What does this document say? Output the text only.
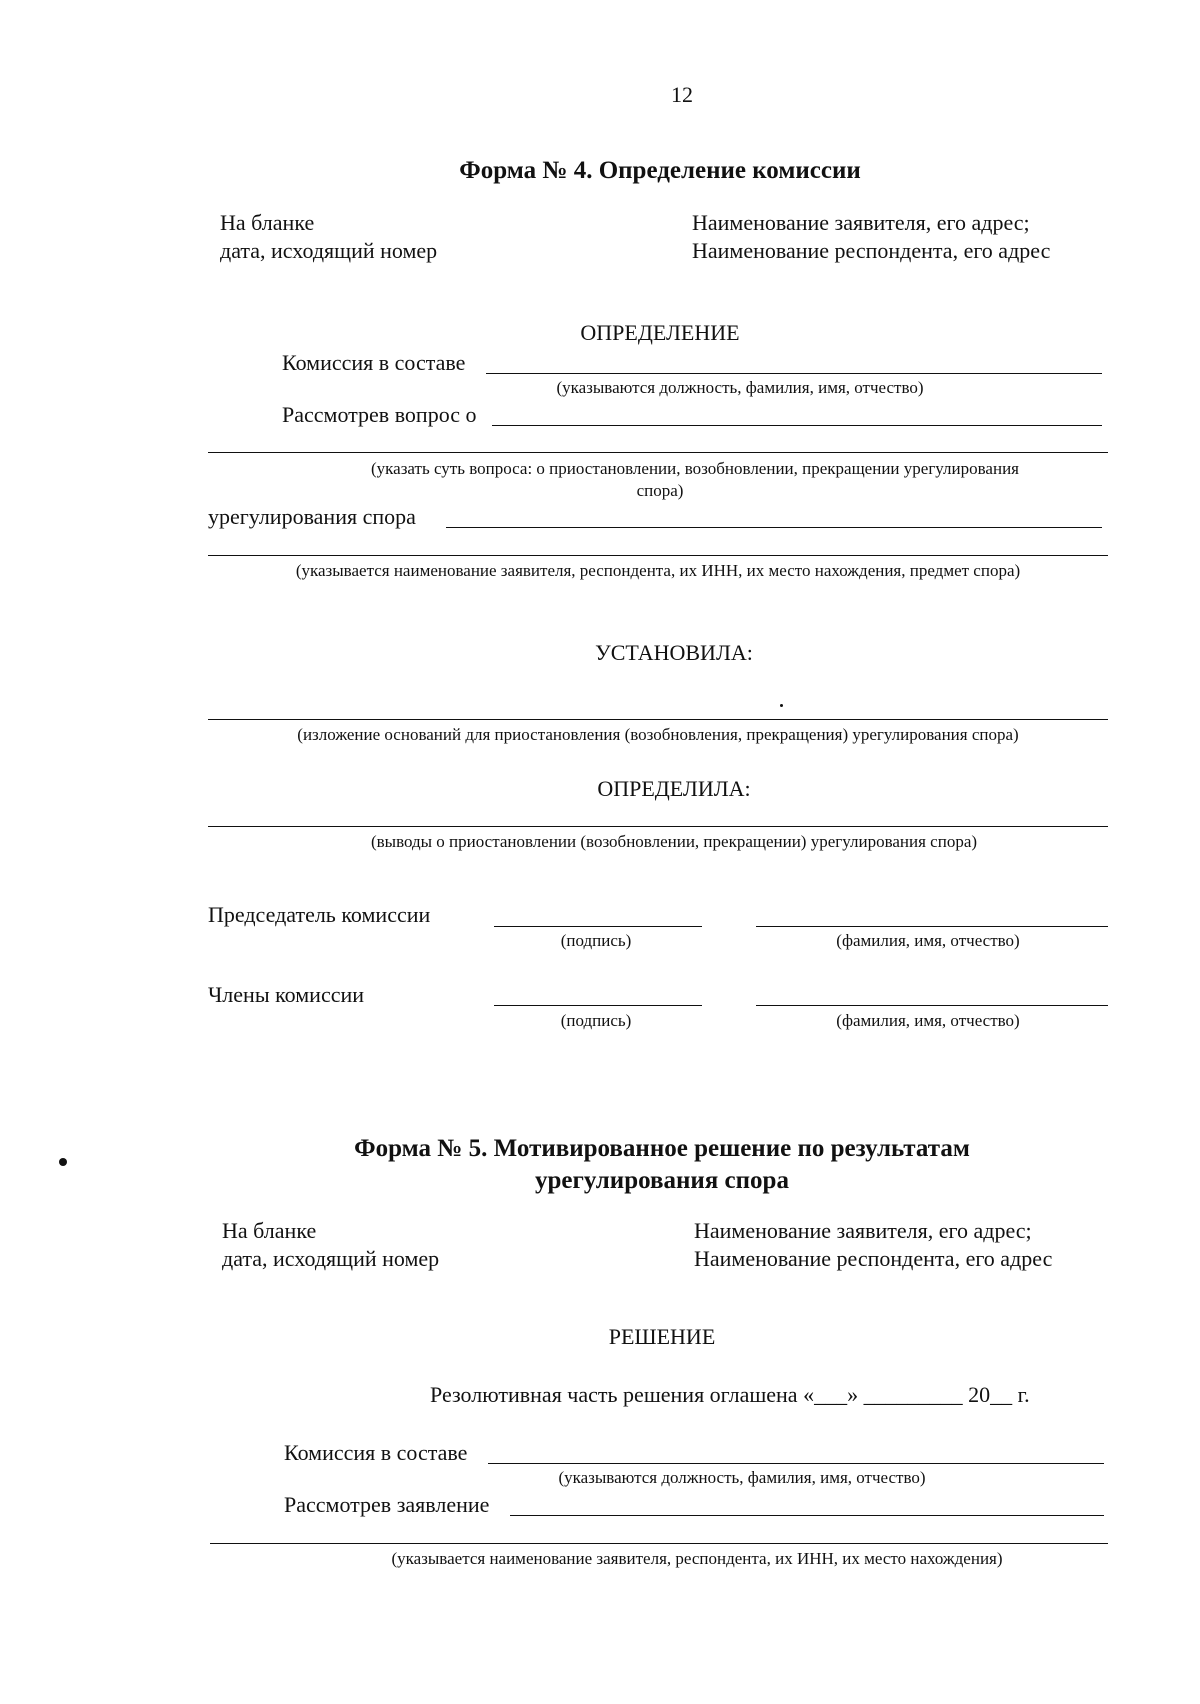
12
Форма № 4. Определение комиссии
На бланке
дата, исходящий номер
Наименование заявителя, его адрес;
Наименование респондента, его адрес
ОПРЕДЕЛЕНИЕ
Комиссия в составе
(указываются должность, фамилия, имя, отчество)
Рассмотрев вопрос о
(указать суть вопроса: о приостановлении, возобновлении, прекращении урегулирования
спора)
урегулирования спора
(указывается наименование заявителя, респондента, их ИНН, их место нахождения, предмет спора)
УСТАНОВИЛА:
(изложение оснований для приостановления (возобновления, прекращения) урегулирования спора)
ОПРЕДЕЛИЛА:
(выводы о приостановлении (возобновлении, прекращении) урегулирования спора)
Председатель комиссии
(подпись)	(фамилия, имя, отчество)
Члены комиссии
(подпись)	(фамилия, имя, отчество)
Форма № 5. Мотивированное решение по результатам
урегулирования спора
На бланке
дата, исходящий номер
Наименование заявителя, его адрес;
Наименование респондента, его адрес
РЕШЕНИЕ
Резолютивная часть решения оглашена «___» _________ 20__ г.
Комиссия в составе
(указываются должность, фамилия, имя, отчество)
Рассмотрев заявление
(указывается наименование заявителя, респондента, их ИНН, их место нахождения)
